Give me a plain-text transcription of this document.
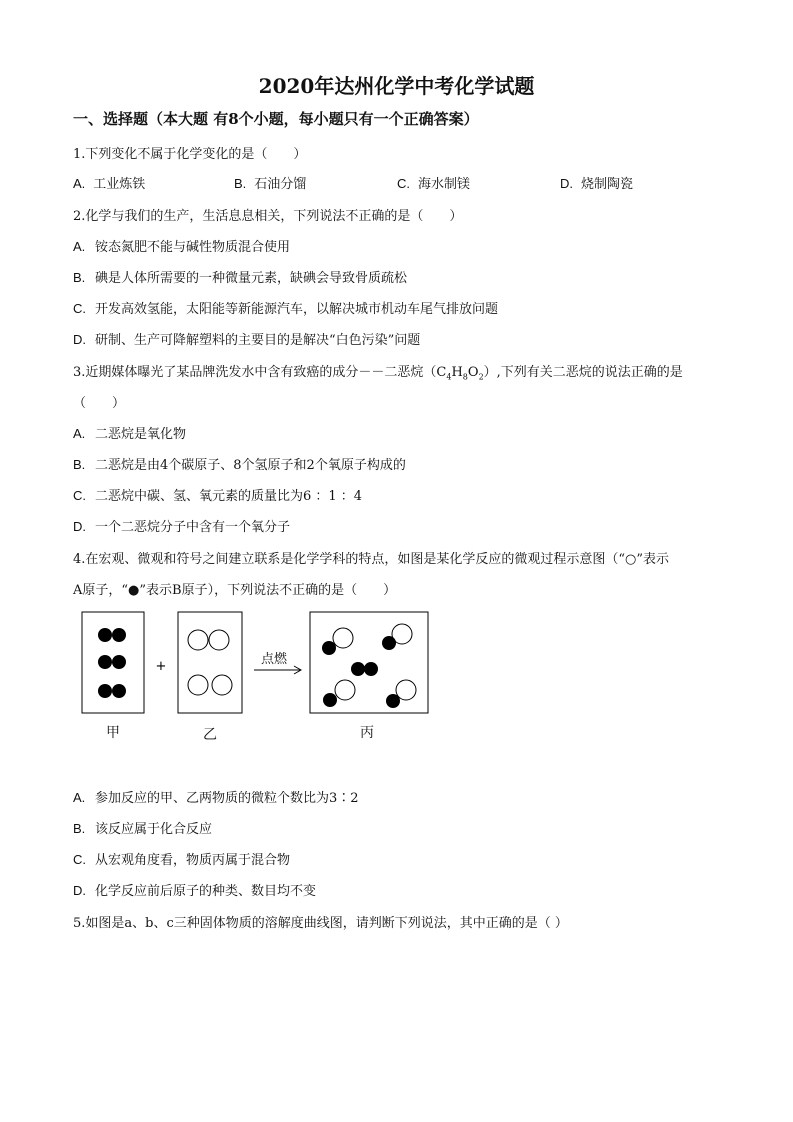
2020年达州化学中考化学试题
一、选择题（本大题 有8个小题，每小题只有一个正确答案）
1.下列变化不属于化学变化的是（　　）
A. 工业炼铁	B. 石油分馏	C. 海水制镁	D. 烧制陶瓷
2.化学与我们的生产，生活息息相关，下列说法不正确的是（　　）
A. 铵态氮肥不能与碱性物质混合使用
B. 碘是人体所需要的一种微量元素，缺碘会导致骨质疏松
C. 开发高效氢能，太阳能等新能源汽车，以解决城市机动车尾气排放问题
D. 研制、生产可降解塑料的主要目的是解决“白色污染”问题
3.近期媒体曝光了某品牌洗发水中含有致癌的成分－－二恶烷$(C_4H_8O_2)$,下列有关二恶烷的说法正确的是
（　　）
A. 二恶烷是氧化物
B. 二恶烷是由4个碳原子、8个氢原子和2个氧原子构成的
C. 二恶烷中碳、氢、氧元素的质量比为6 ：1 ：4
D. 一个二恶烷分子中含有一个氧分子
4.在宏观、微观和符号之间建立联系是化学学科的特点，如图是某化学反应的微观过程示意图（“○”表示
A原子，“●”表示B原子），下列说法不正确的是（　　）
+	点燃
甲	乙	丙
A. 参加反应的甲、乙两物质的微粒个数比为3∶2
B. 该反应属于化合反应
C. 从宏观角度看，物质丙属于混合物
D. 化学反应前后原子的种类、数目均不变
5.如图是a、b、c三种固体物质的溶解度曲线图，请判断下列说法，其中正确的是（ ）
